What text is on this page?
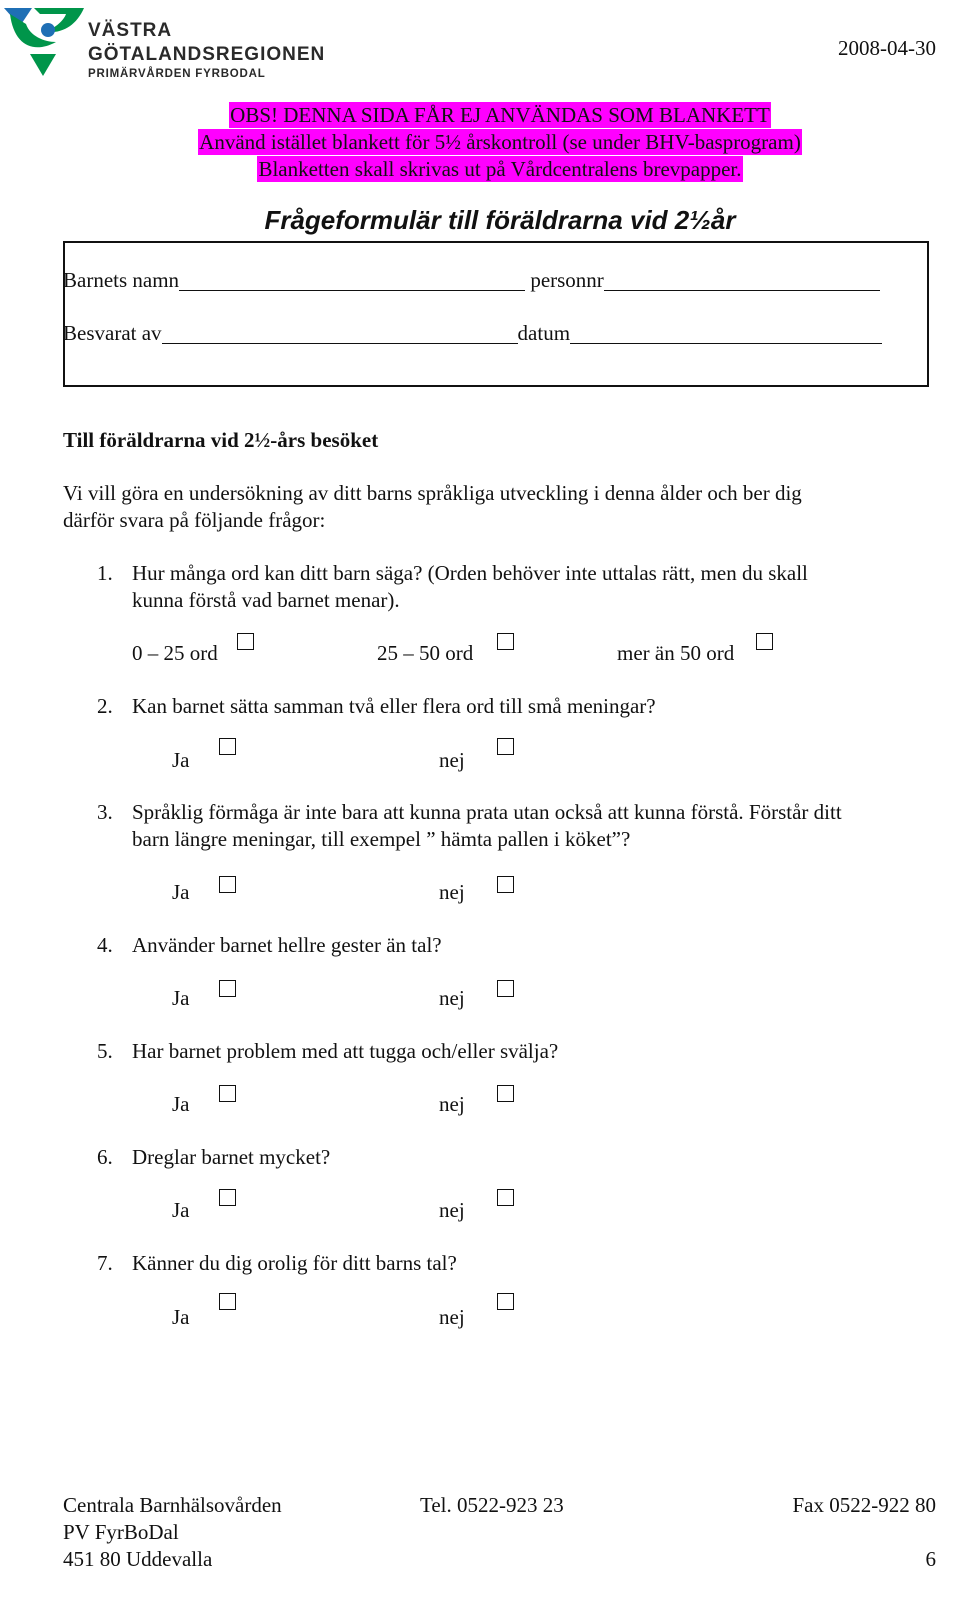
VÄSTRA
GÖTALANDSREGIONEN
PRIMÄRVÅRDEN FYRBODAL
2008-04-30
OBS! DENNA SIDA FÅR EJ ANVÄNDAS SOM BLANKETT
Använd istället blankett för 5½ årskontroll (se under BHV-basprogram)
Blanketten skall skrivas ut på Vårdcentralens brevpapper.
Frågeformulär till föräldrarna vid 2½år
Barnets namn	personnr
Besvarat av	datum
Till föräldrarna vid 2½-års besöket
Vi vill göra en undersökning av ditt barns språkliga utveckling i denna ålder och ber dig
därför svara på följande frågor:
1. Hur många ord kan ditt barn säga? (Orden behöver inte uttalas rätt, men du skall
kunna förstå vad barnet menar).
0 – 25 ord	25 – 50 ord	mer än 50 ord
2. Kan barnet sätta samman två eller flera ord till små meningar?
Ja	nej
3. Språklig förmåga är inte bara att kunna prata utan också att kunna förstå. Förstår ditt
barn längre meningar, till exempel ” hämta pallen i köket”?
Ja	nej
4. Använder barnet hellre gester än tal?
Ja	nej
5. Har barnet problem med att tugga och/eller svälja?
Ja	nej
6. Dreglar barnet mycket?
Ja	nej
7. Känner du dig orolig för ditt barns tal?
Ja	nej
Centrala Barnhälsovården
PV FyrBoDal
451 80 Uddevalla
Tel. 0522-923 23	Fax 0522-922 80
6
